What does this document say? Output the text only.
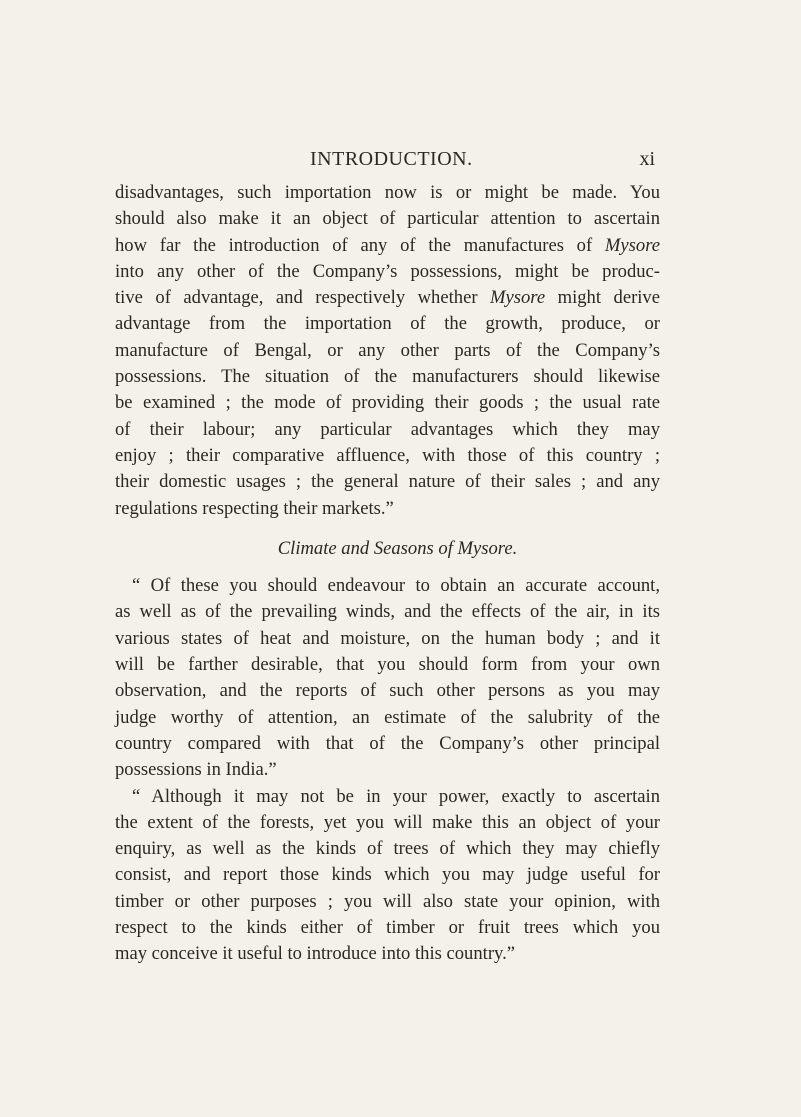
INTRODUCTION.	xi
disadvantages, such importation now is or might be made. You
should also make it an object of particular attention to ascertain
how far the introduction of any of the manufactures of Mysore
into any other of the Company’s possessions, might be produc-
tive of advantage, and respectively whether Mysore might derive
advantage from the importation of the growth, produce, or
manufacture of Bengal, or any other parts of the Company’s
possessions. The situation of the manufacturers should likewise
be examined ; the mode of providing their goods ; the usual rate
of their labour; any particular advantages which they may
enjoy ; their comparative affluence, with those of this country ;
their domestic usages ; the general nature of their sales ; and any
regulations respecting their markets.”
Climate and Seasons of Mysore.
“ Of these you should endeavour to obtain an accurate account,
as well as of the prevailing winds, and the effects of the air, in its
various states of heat and moisture, on the human body ; and it
will be farther desirable, that you should form from your own
observation, and the reports of such other persons as you may
judge worthy of attention, an estimate of the salubrity of the
country compared with that of the Company’s other principal
possessions in India.”
“ Although it may not be in your power, exactly to ascertain
the extent of the forests, yet you will make this an object of your
enquiry, as well as the kinds of trees of which they may chiefly
consist, and report those kinds which you may judge useful for
timber or other purposes ; you will also state your opinion, with
respect to the kinds either of timber or fruit trees which you
may conceive it useful to introduce into this country.”
